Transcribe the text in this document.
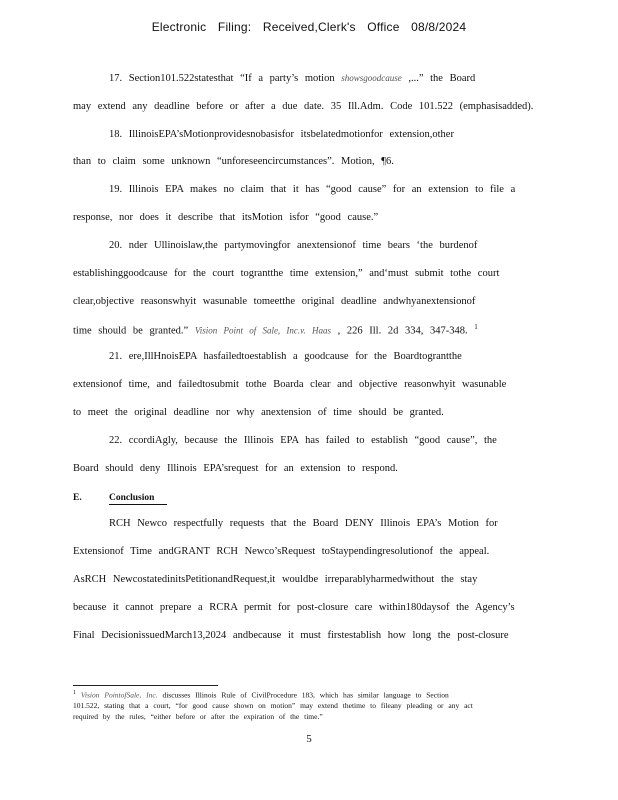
Electronic Filing: Received,Clerk's Office 08/8/2024
17. Section101.522statesthat “If a party’s motion showsgoodcause ,...” the Board
may extend any deadline before or after a due date. 35 Ill.Adm. Code 101.522 (emphasisadded).
18. IllinoisEPA’sMotionprovidesnobasisfor itsbelatedmotionfor extension,other
than to claim some unknown “unforeseencircumstances”. Motion, ¶6.
19. Illinois EPA makes no claim that it has “good cause” for an extension to file a
response, nor does it describe that itsMotion isfor “good cause.”
20. nder Ullinoislaw,the partymovingfor anextensionof time bears ‘the burdenof
establishinggoodcause for the court tograntthe time extension,” and‘must submit tothe court
clear,objective reasonswhyit wasunable tomeetthe original deadline andwhyanextensionof
time should be granted.” Vision Point of Sale, Inc.v. Haas , 226 Ill. 2d 334, 347-348. $^1$
21. ere,IllHnoisEPA hasfailedtoestablish a goodcause for the Boardtograntthe
extensionof time, and failedtosubmit tothe Boarda clear and objective reasonwhyit wasunable
to meet the original deadline nor why anextension of time should be granted.
22. ccordiAgly, because the Illinois EPA has failed to establish “good cause”, the
Board should deny Illinois EPA’srequest for an extension to respond.
E.	Conclusion
RCH Newco respectfully requests that the Board DENY Illinois EPA’s Motion for
Extensionof Time andGRANT RCH Newco’sRequest toStaypendingresolutionof the appeal.
AsRCH NewcostatedinitsPetitionandRequest,it wouldbe irreparablyharmedwithout the stay
because it cannot prepare a RCRA permit for post-closure care within180daysof the Agency’s
Final DecisionissuedMarch13,2024 andbecause it must firstestablish how long the post-closure
$^1$ Vision PointofSale, Inc. discusses Illinois Rule of CivilProcedure 183, which has similar language to Section
101.522, stating that a court, “for good cause shown on motion” may extend thetime to fileany pleading or any act
required by the rules, “either before or after the expiration of the time.”
5
